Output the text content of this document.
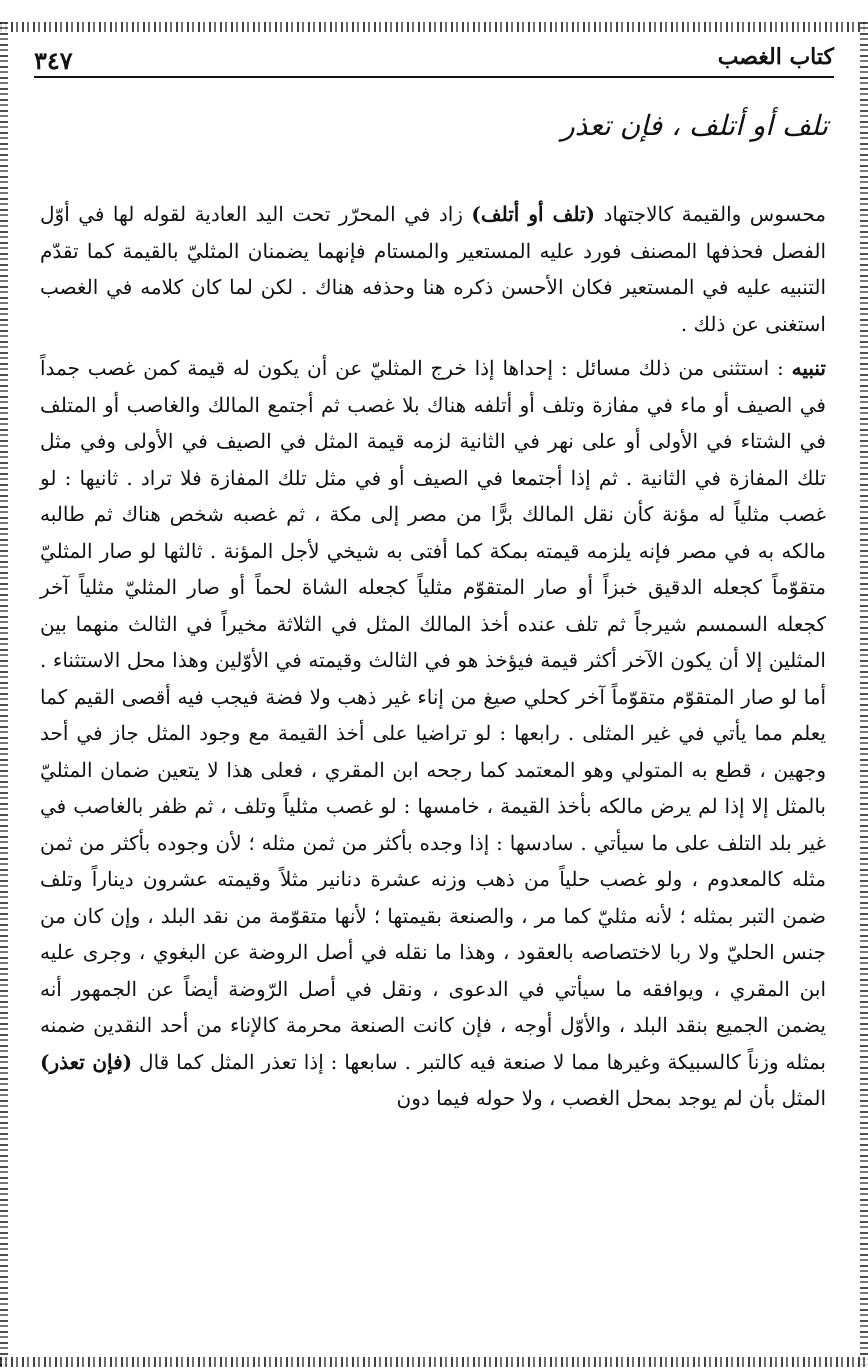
كتاب الغصب
٣٤٧
تلف أو أتلف ، فإن تعذر

محسوس والقيمة كالاجتهاد (تلف أو أتلف) زاد في المحرّر تحت اليد العادية لقوله لها في أوّل الفصل فحذفها المصنف فورد عليه المستعير والمستام فإنهما يضمنان المثليّ بالقيمة كما تقدّم التنبيه عليه في المستعير فكان الأحسن ذكره هنا وحذفه هناك . لكن لما كان كلامه في الغصب استغنى عن ذلك .

تنبيه : استثنى من ذلك مسائل : إحداها إذا خرج المثليّ عن أن يكون له قيمة كمن غصب جمداً في الصيف أو ماء في مفازة وتلف أو أتلفه هناك بلا غصب ثم أجتمع المالك والغاصب أو المتلف في الشتاء في الأولى أو على نهر في الثانية لزمه قيمة المثل في الصيف في الأولى وفي مثل تلك المفازة في الثانية . ثم إذا أجتمعا في الصيف أو في مثل تلك المفازة فلا تراد . ثانيها : لو غصب مثلياً له مؤنة كأن نقل المالك برًّا من مصر إلى مكة ، ثم غصبه شخص هناك ثم طالبه مالكه به في مصر فإنه يلزمه قيمته بمكة كما أفتى به شيخي لأجل المؤنة . ثالثها لو صار المثليّ متقوّماً كجعله الدقيق خبزاً أو صار المتقوّم مثلياً كجعله الشاة لحماً أو صار المثليّ مثلياً آخر كجعله السمسم شيرجاً ثم تلف عنده أخذ المالك المثل في الثلاثة مخيراً في الثالث منهما بين المثلين إلا أن يكون الآخر أكثر قيمة فيؤخذ هو في الثالث وقيمته في الأوّلين وهذا محل الاستثناء . أما لو صار المتقوّم متقوّماً آخر كحلي صيغ من إناء غير ذهب ولا فضة فيجب فيه أقصى القيم كما يعلم مما يأتي في غير المثلى . رابعها : لو تراضيا على أخذ القيمة مع وجود المثل جاز في أحد وجهين ، قطع به المتولي وهو المعتمد كما رجحه ابن المقري ، فعلى هذا لا يتعين ضمان المثليّ بالمثل إلا إذا لم يرض مالكه بأخذ القيمة ، خامسها : لو غصب مثلياً وتلف ، ثم ظفر بالغاصب في غير بلد التلف على ما سيأتي . سادسها : إذا وجده بأكثر من ثمن مثله ؛ لأن وجوده بأكثر من ثمن مثله كالمعدوم ، ولو غصب حلياً من ذهب وزنه عشرة دنانير مثلاً وقيمته عشرون ديناراً وتلف ضمن التبر بمثله ؛ لأنه مثليّ كما مر ، والصنعة بقيمتها ؛ لأنها متقوّمة من نقد البلد ، وإن كان من جنس الحليّ ولا ربا لاختصاصه بالعقود ، وهذا ما نقله في أصل الروضة عن البغوي ، وجرى عليه ابن المقري ، ويوافقه ما سيأتي في الدعوى ، ونقل في أصل الرّوضة أيضاً عن الجمهور أنه يضمن الجميع بنقد البلد ، والأوّل أوجه ، فإن كانت الصنعة محرمة كالإناء من أحد النقدين ضمنه بمثله وزناً كالسبيكة وغيرها مما لا صنعة فيه كالتبر . سابعها : إذا تعذر المثل كما قال (فإن تعذر) المثل بأن لم يوجد بمحل الغصب ، ولا حوله فيما دون
